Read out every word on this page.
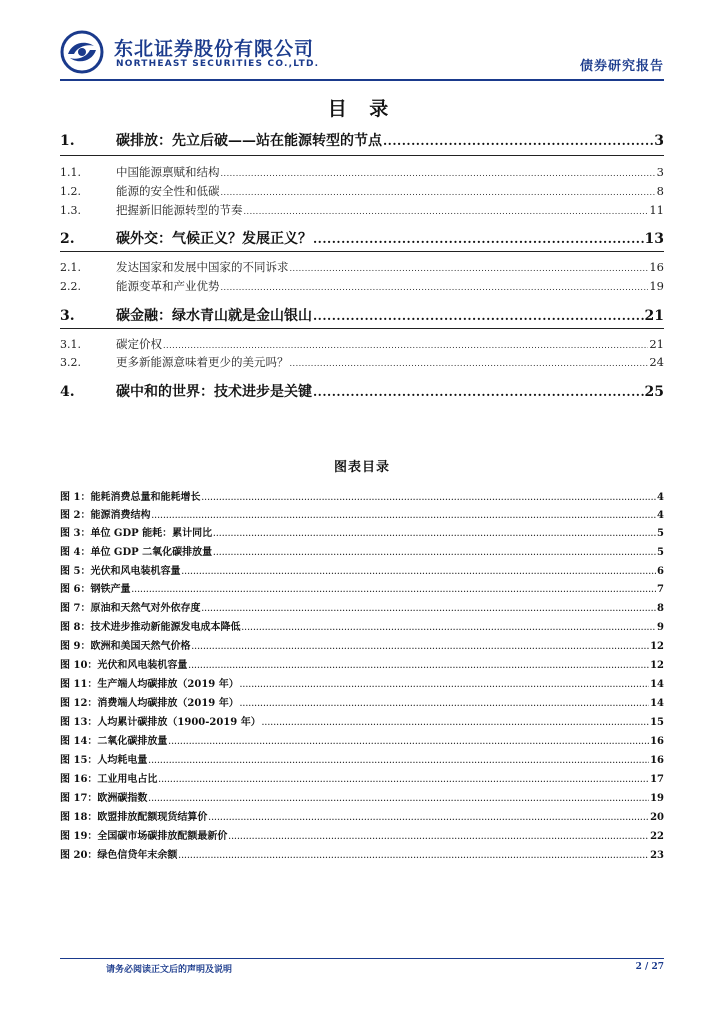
东北证券股份有限公司
NORTHEAST SECURITIES CO.,LTD.	债券研究报告
目 录
1.	碳排放：先立后破——站在能源转型的节点 .....	3
1.1.	中国能源禀赋和结构 .....	3
1.2.	能源的安全性和低碳 .....	8
1.3.	把握新旧能源转型的节奏 .....	11
2.	碳外交：气候正义？发展正义？ .....	13
2.1.	发达国家和发展中国家的不同诉求 .....	16
2.2.	能源变革和产业优势 .....	19
3.	碳金融：绿水青山就是金山银山 .....	21
3.1.	碳定价权 .....	21
3.2.	更多新能源意味着更少的美元吗？ .....	24
4.	碳中和的世界：技术进步是关键 .....	25
图表目录
图 1：能耗消费总量和能耗增长 .....	4
图 2：能源消费结构 .....	4
图 3：单位 GDP 能耗：累计同比 .....	5
图 4：单位 GDP 二氧化碳排放量 .....	5
图 5：光伏和风电装机容量 .....	6
图 6：钢铁产量 .....	7
图 7：原油和天然气对外依存度 .....	8
图 8：技术进步推动新能源发电成本降低 .....	9
图 9：欧洲和美国天然气价格 .....	12
图 10：光伏和风电装机容量 .....	12
图 11：生产端人均碳排放（2019 年） .....	14
图 12：消费端人均碳排放（2019 年） .....	14
图 13：人均累计碳排放（1900-2019 年） .....	15
图 14：二氧化碳排放量 .....	16
图 15：人均耗电量 .....	16
图 16：工业用电占比 .....	17
图 17：欧洲碳指数 .....	19
图 18：欧盟排放配额现货结算价 .....	20
图 19：全国碳市场碳排放配额最新价 .....	22
图 20：绿色信贷年末余额 .....	23
请务必阅读正文后的声明及说明	2 / 27
